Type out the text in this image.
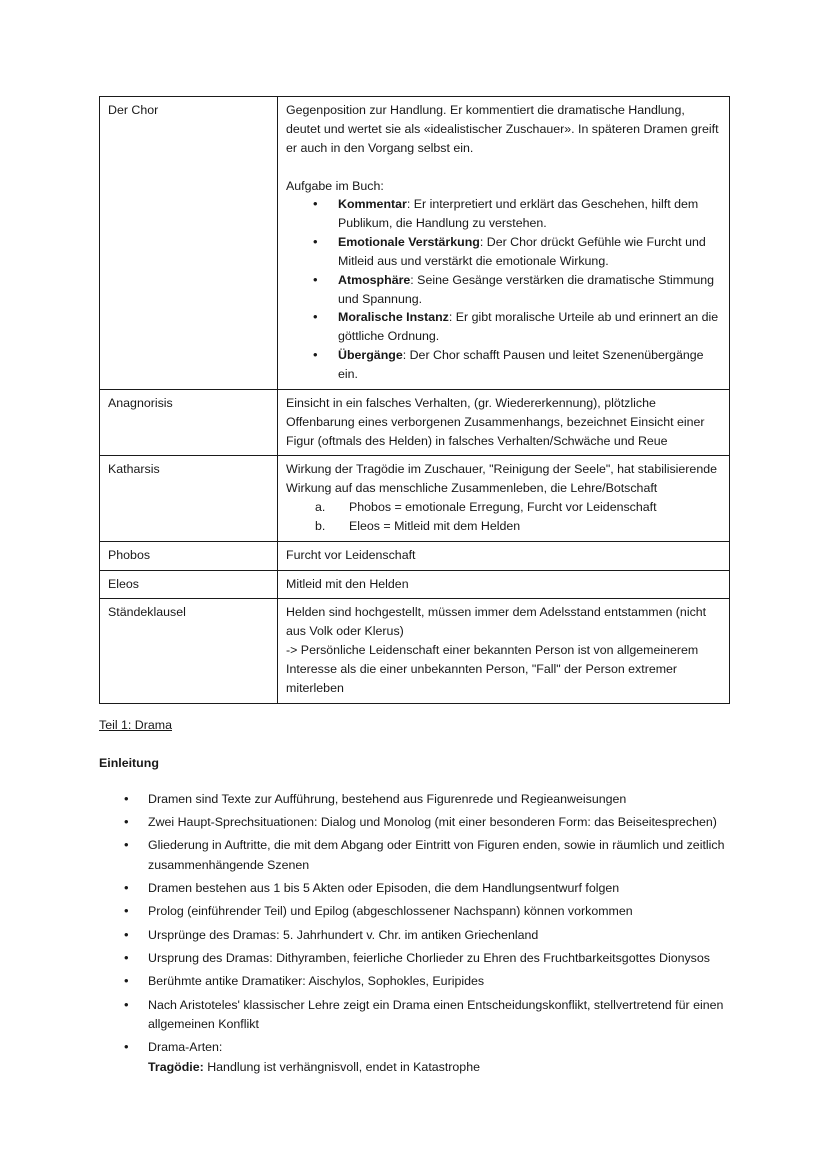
Der Chor	Gegenposition zur Handlung. Er kommentiert die dramatische Handlung, deutet und wertet sie als «idealistischer Zuschauer». In späteren Dramen greift er auch in den Vorgang selbst ein.

Aufgabe im Buch:

• Kommentar: Er interpretiert und erklärt das Geschehen, hilft dem Publikum, die Handlung zu verstehen.
• Emotionale Verstärkung: Der Chor drückt Gefühle wie Furcht und Mitleid aus und verstärkt die emotionale Wirkung.
• Atmosphäre: Seine Gesänge verstärken die dramatische Stimmung und Spannung.
• Moralische Instanz: Er gibt moralische Urteile ab und erinnert an die göttliche Ordnung.
• Übergänge: Der Chor schafft Pausen und leitet Szenenübergänge ein.

Anagnorisis	Einsicht in ein falsches Verhalten, (gr. Wiedererkennung), plötzliche Offenbarung eines verborgenen Zusammenhangs, bezeichnet Einsicht einer Figur (oftmals des Helden) in falsches Verhalten/Schwäche und Reue

Katharsis	Wirkung der Tragödie im Zuschauer, "Reinigung der Seele", hat stabilisierende Wirkung auf das menschliche Zusammenleben, die Lehre/Botschaft

Phobos = emotionale Erregung, Furcht vor Leidenschaft
Eleos = Mitleid mit dem Helden

Phobos	Furcht vor Leidenschaft

Eleos	Mitleid mit den Helden

Ständeklausel	Helden sind hochgestellt, müssen immer dem Adelsstand entstammen (nicht aus Volk oder Klerus)

-> Persönliche Leidenschaft einer bekannten Person ist von allgemeinerem Interesse als die einer unbekannten Person, "Fall" der Person extremer miterleben

Teil 1: Drama

Einleitung

• Dramen sind Texte zur Aufführung, bestehend aus Figurenrede und Regieanweisungen
• Zwei Haupt-Sprechsituationen: Dialog und Monolog (mit einer besonderen Form: das Beiseitesprechen)
• Gliederung in Auftritte, die mit dem Abgang oder Eintritt von Figuren enden, sowie in räumlich und zeitlich zusammenhängende Szenen
• Dramen bestehen aus 1 bis 5 Akten oder Episoden, die dem Handlungsentwurf folgen
• Prolog (einführender Teil) und Epilog (abgeschlossener Nachspann) können vorkommen
• Ursprünge des Dramas: 5. Jahrhundert v. Chr. im antiken Griechenland
• Ursprung des Dramas: Dithyramben, feierliche Chorlieder zu Ehren des Fruchtbarkeitsgottes Dionysos
• Berühmte antike Dramatiker: Aischylos, Sophokles, Euripides
• Nach Aristoteles' klassischer Lehre zeigt ein Drama einen Entscheidungskonflikt, stellvertretend für einen allgemeinen Konflikt
• Drama-Arten:
Tragödie: Handlung ist verhängnisvoll, endet in Katastrophe
